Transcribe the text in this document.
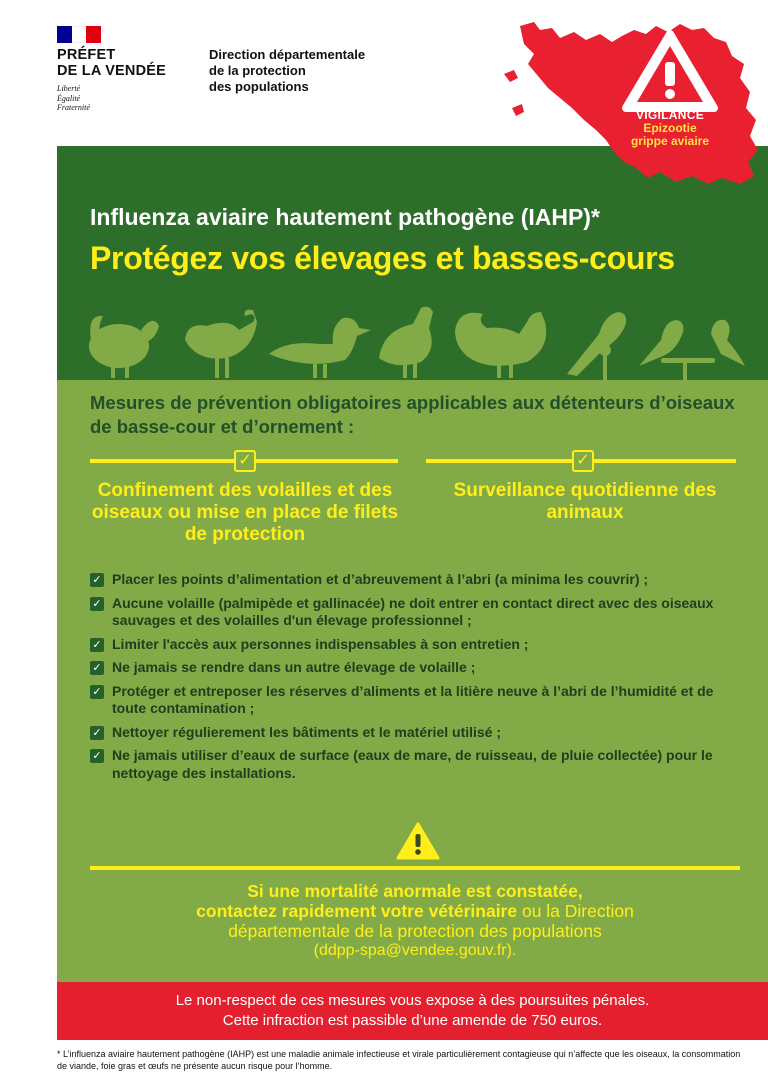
PRÉFET
DE LA VENDÉE
Liberté
Égalité
Fraternité
Direction départementale
de la protection
des populations
VIGILANCE
Epizootie
grippe aviaire
Influenza aviaire hautement pathogène (IAHP)*
Protégez vos élevages et basses-cours
Mesures de prévention obligatoires applicables aux détenteurs d’oiseaux de basse-cour et d’ornement :
✓	✓
Confinement des volailles et des oiseaux ou mise en place de filets de protection
Surveillance quotidienne des animaux
✓ Placer les points d’alimentation et d’abreuvement à l’abri (a minima les couvrir) ;
✓ Aucune volaille (palmipède et gallinacée) ne doit entrer en contact direct avec des oiseaux sauvages et des volailles d'un élevage professionnel ;
✓ Limiter l'accès aux personnes indispensables à son entretien ;
✓ Ne jamais se rendre dans un autre élevage de volaille ;
✓ Protéger et entreposer les réserves d’aliments et la litière neuve à l’abri de l’humidité et de toute contamination ;
✓ Nettoyer régulierement les bâtiments et le matériel utilisé ;
✓ Ne jamais utiliser d’eaux de surface (eaux de mare, de ruisseau, de pluie collectée) pour le nettoyage des installations.
Si une mortalité anormale est constatée,
contactez rapidement votre vétérinaire ou la Direction
départementale de la protection des populations
(ddpp-spa@vendee.gouv.fr).
Le non-respect de ces mesures vous expose à des poursuites pénales.
Cette infraction est passible d’une amende de 750 euros.
* L’influenza aviaire hautement pathogène (IAHP) est une maladie animale infectieuse et virale particulièrement contagieuse qui n’affecte que les oiseaux, la consommation de viande, foie gras et œufs ne présente aucun risque pour l’homme.
